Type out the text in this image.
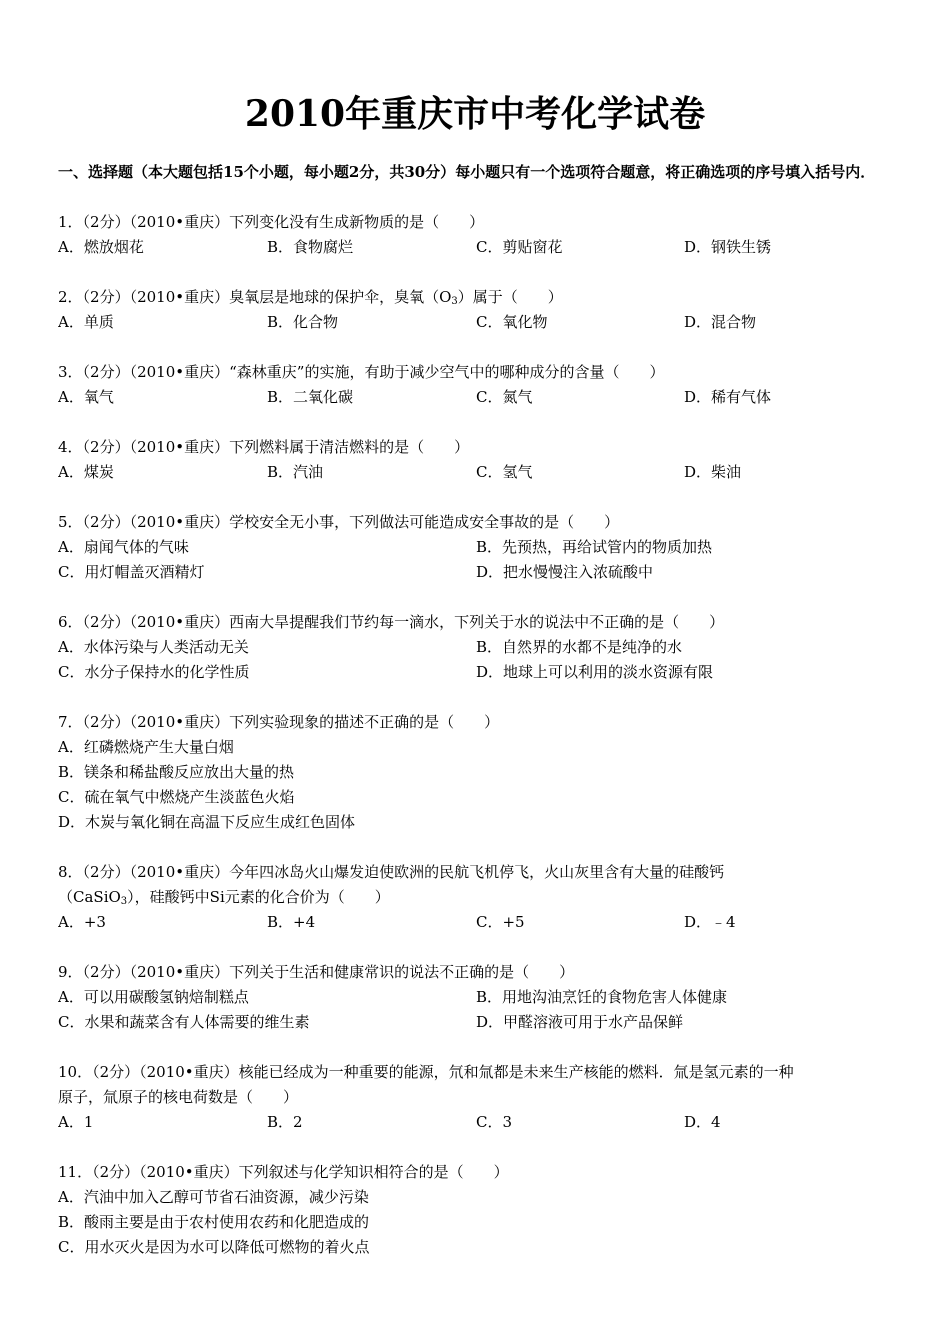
2010年重庆市中考化学试卷
一、选择题（本大题包括15个小题，每小题2分，共30分）每小题只有一个选项符合题意，将正确选项的序号填入括号内．
1．（2分）（2010•重庆）下列变化没有生成新物质的是（　　）
A．燃放烟花	B．食物腐烂	C．剪贴窗花	D．钢铁生锈
2．（2分）（2010•重庆）臭氧层是地球的保护伞，臭氧$(O_3)$属于（　　）
A．单质	B．化合物	C．氧化物	D．混合物
3．（2分）（2010•重庆）“森林重庆”的实施，有助于减少空气中的哪种成分的含量（　　）
A．氧气	B．二氧化碳	C．氮气	D．稀有气体
4．（2分）（2010•重庆）下列燃料属于清洁燃料的是（　　）
A．煤炭	B．汽油	C．氢气	D．柴油
5．（2分）（2010•重庆）学校安全无小事，下列做法可能造成安全事故的是（　　）
A．扇闻气体的气味	B．先预热，再给试管内的物质加热
C．用灯帽盖灭酒精灯	D．把水慢慢注入浓硫酸中
6．（2分）（2010•重庆）西南大旱提醒我们节约每一滴水，下列关于水的说法中不正确的是（　　）
A．水体污染与人类活动无关	B．自然界的水都不是纯净的水
C．水分子保持水的化学性质	D．地球上可以利用的淡水资源有限
7．（2分）（2010•重庆）下列实验现象的描述不正确的是（　　）
A．红磷燃烧产生大量白烟
B．镁条和稀盐酸反应放出大量的热
C．硫在氧气中燃烧产生淡蓝色火焰
D．木炭与氧化铜在高温下反应生成红色固体
8．（2分）（2010•重庆）今年四冰岛火山爆发迫使欧洲的民航飞机停飞，火山灰里含有大量的硅酸钙
（CaSiO$_3$），硅酸钙中Si元素的化合价为（　　）
A．+3	B．+4	C．+5	D．﹣4
9．（2分）（2010•重庆）下列关于生活和健康常识的说法不正确的是（　　）
A．可以用碳酸氢钠焙制糕点	B．用地沟油烹饪的食物危害人体健康
C．水果和蔬菜含有人体需要的维生素	D．甲醛溶液可用于水产品保鲜
10．（2分）（2010•重庆）核能已经成为一种重要的能源，氘和氚都是未来生产核能的燃料．氚是氢元素的一种
原子，氚原子的核电荷数是（　　）
A．1	B．2	C．3	D．4
11．（2分）（2010•重庆）下列叙述与化学知识相符合的是（　　）
A．汽油中加入乙醇可节省石油资源，减少污染
B．酸雨主要是由于农村使用农药和化肥造成的
C．用水灭火是因为水可以降低可燃物的着火点
